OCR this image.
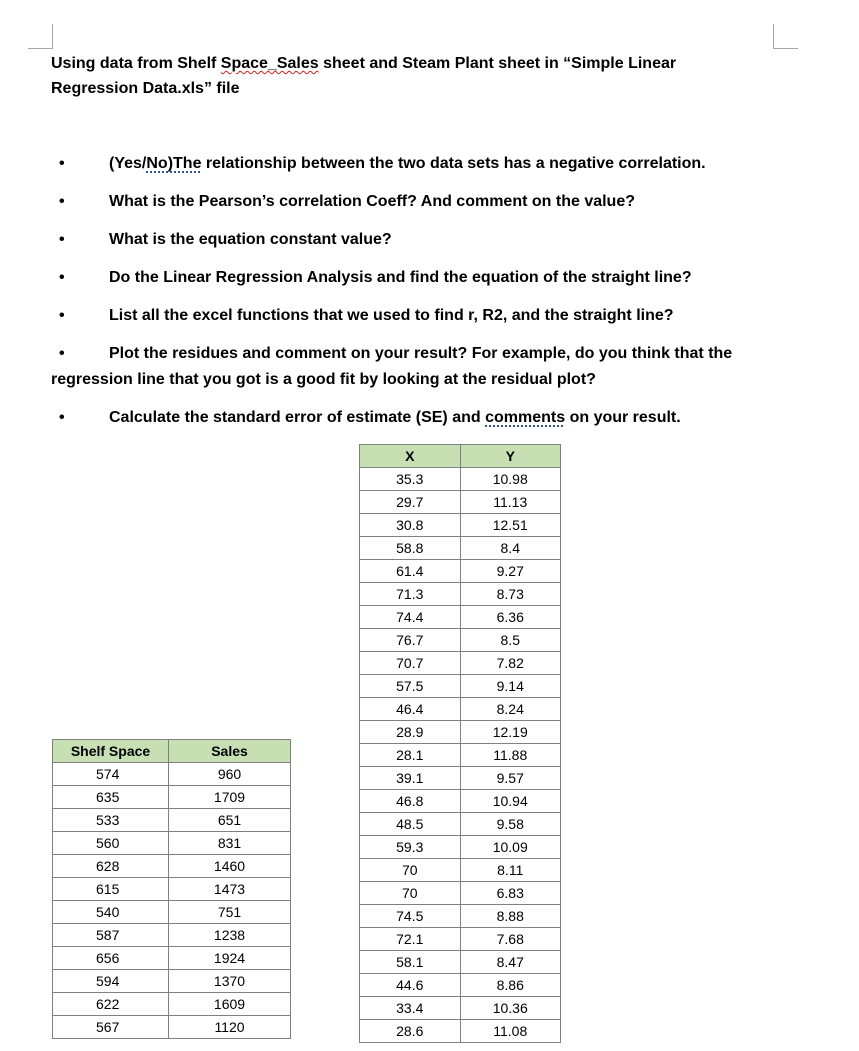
Using data from Shelf Space_Sales sheet and Steam Plant sheet in “Simple Linear Regression Data.xls” file
•(Yes/No)The relationship between the two data sets has a negative correlation.
•What is the Pearson’s correlation Coeff? And comment on the value?
•What is the equation constant value?
•Do the Linear Regression Analysis and find the equation of the straight line?
•List all the excel functions that we used to find r, R2, and the straight line?
•Plot the residues and comment on your result? For example, do you think that the regression line that you got is a good fit by looking at the residual plot?
•Calculate the standard error of estimate (SE) and comments on your result.
X	Y
35.3	10.98
29.7	11.13
30.8	12.51
58.8	8.4
61.4	9.27
71.3	8.73
74.4	6.36
76.7	8.5
70.7	7.82
57.5	9.14
46.4	8.24
28.9	12.19
28.1	11.88
39.1	9.57
46.8	10.94
48.5	9.58
59.3	10.09
70	8.11
70	6.83
74.5	8.88
72.1	7.68
58.1	8.47
44.6	8.86
33.4	10.36
28.6	11.08
Shelf Space	Sales
574	960
635	1709
533	651
560	831
628	1460
615	1473
540	751
587	1238
656	1924
594	1370
622	1609
567	1120
